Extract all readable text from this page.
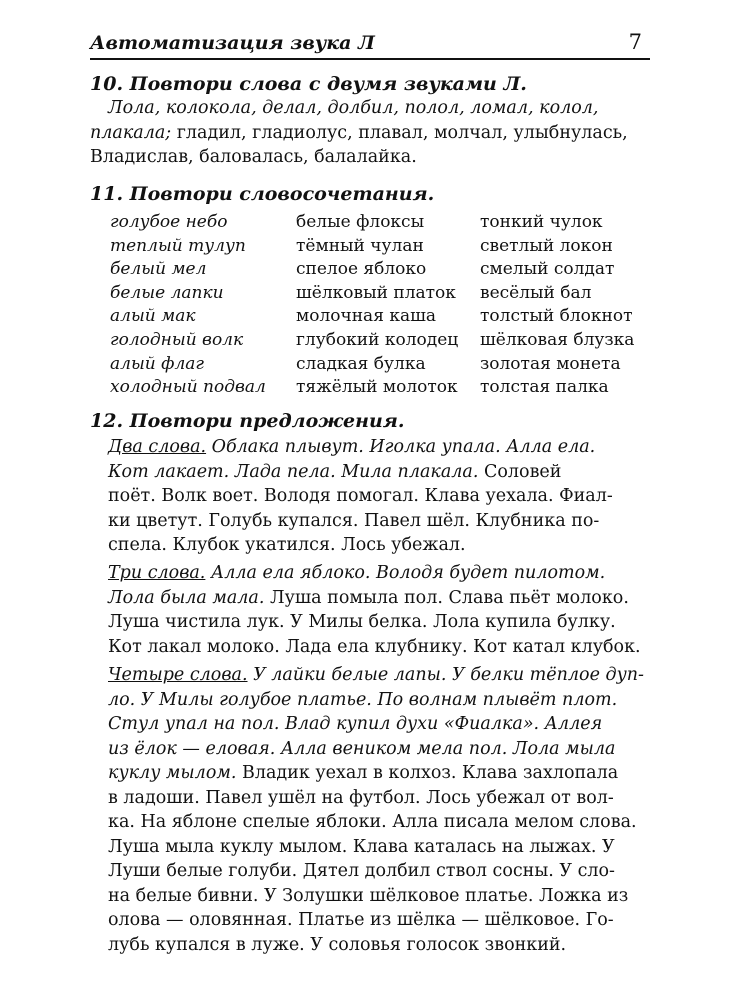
Автоматизация звука Л	7
10. Повтори слова с двумя звуками Л.
Лола, колокола, делал, долбил, полол, ломал, колол,
плакала; гладил, гладиолус, плавал, молчал, улыбнулась,
Владислав, баловалась, балалайка.
11. Повтори словосочетания.
голубое небо
теплый тулуп
белый мел
белые лапки
алый мак
голодный волк
алый флаг
холодный подвал
белые флоксы
тёмный чулан
спелое яблоко
шёлковый платок
молочная каша
глубокий колодец
сладкая булка
тяжёлый молоток
тонкий чулок
светлый локон
смелый солдат
весёлый бал
толстый блокнот
шёлковая блузка
золотая монета
толстая палка
12. Повтори предложения.
Два слова. Облака плывут. Иголка упала. Алла ела.
Кот лакает. Лада пела. Мила плакала. Соловей
поёт. Волк воет. Володя помогал. Клава уехала. Фиал-
ки цветут. Голубь купался. Павел шёл. Клубника по-
спела. Клубок укатился. Лось убежал.
Три слова. Алла ела яблоко. Володя будет пилотом.
Лола была мала. Луша помыла пол. Слава пьёт молоко.
Луша чистила лук. У Милы белка. Лола купила булку.
Кот лакал молоко. Лада ела клубнику. Кот катал клубок.
Четыре слова. У лайки белые лапы. У белки тёплое дуп-
ло. У Милы голубое платье. По волнам плывёт плот.
Стул упал на пол. Влад купил духи «Фиалка». Аллея
из ёлок — еловая. Алла веником мела пол. Лола мыла
куклу мылом. Владик уехал в колхоз. Клава захлопала
в ладоши. Павел ушёл на футбол. Лось убежал от вол-
ка. На яблоне спелые яблоки. Алла писала мелом слова.
Луша мыла куклу мылом. Клава каталась на лыжах. У
Луши белые голуби. Дятел долбил ствол сосны. У сло-
на белые бивни. У Золушки шёлковое платье. Ложка из
олова — оловянная. Платье из шёлка — шёлковое. Го-
лубь купался в луже. У соловья голосок звонкий.
